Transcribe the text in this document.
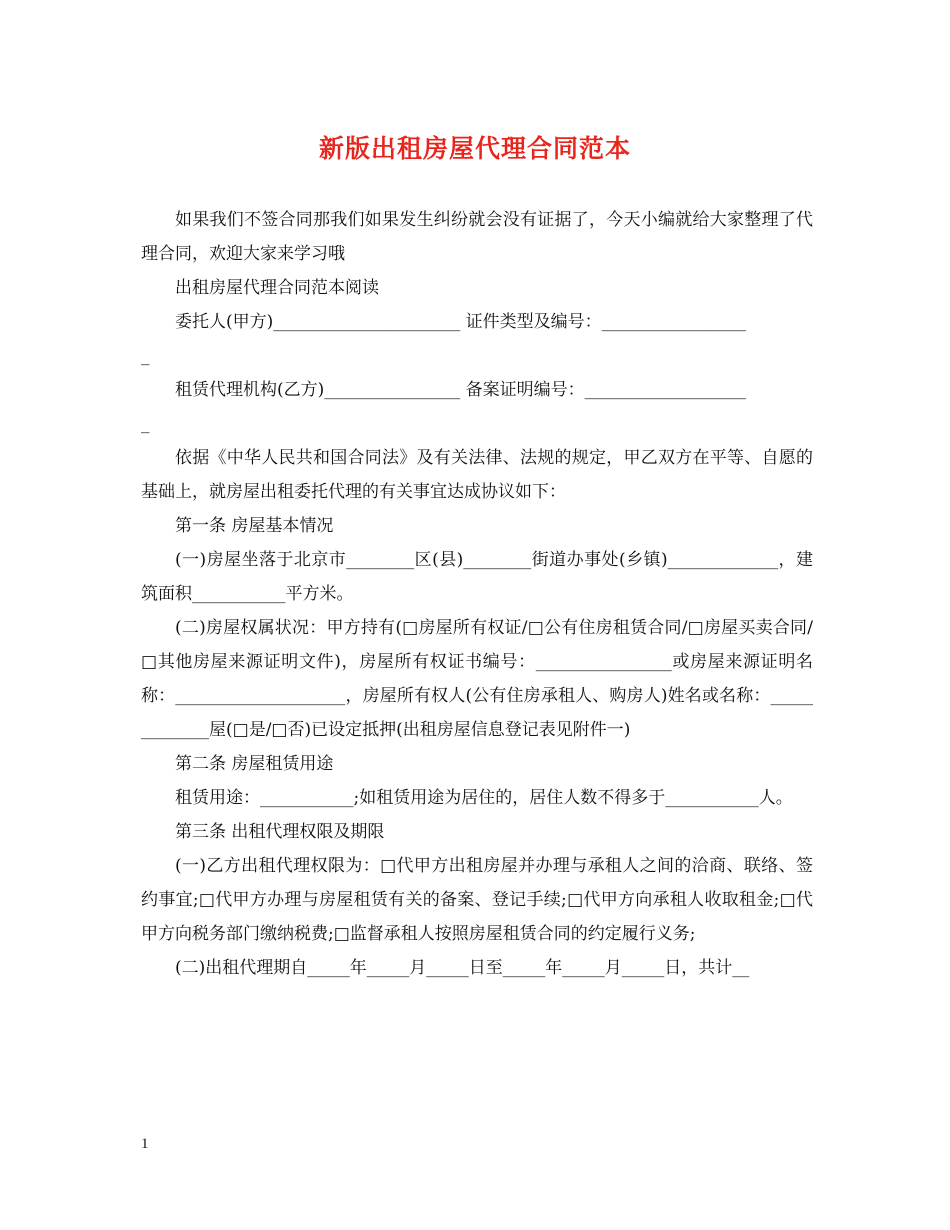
新版出租房屋代理合同范本

如果我们不签合同那我们如果发生纠纷就会没有证据了，今天小编就给大家整理了代理合同，欢迎大家来学习哦

出租房屋代理合同范本阅读

委托人(甲方)______________________ 证件类型及编号：_________________

_

租赁代理机构(乙方)________________ 备案证明编号：___________________

_

依据《中华人民共和国合同法》及有关法律、法规的规定，甲乙双方在平等、自愿的基础上，就房屋出租委托代理的有关事宜达成协议如下：

第一条 房屋基本情况

(一)房屋坐落于北京市________区(县)________街道办事处(乡镇)_____________，建筑面积___________平方米。

(二)房屋权属状况：甲方持有(□房屋所有权证/□公有住房租赁合同/□房屋买卖合同/□其他房屋来源证明文件)，房屋所有权证书编号：________________或房屋来源证明名称：____________________，房屋所有权人(公有住房承租人、购房人)姓名或名称：_____________屋(□是/□否)已设定抵押(出租房屋信息登记表见附件一)

第二条 房屋租赁用途

租赁用途：___________;如租赁用途为居住的，居住人数不得多于___________人。

第三条 出租代理权限及期限

(一)乙方出租代理权限为：□代甲方出租房屋并办理与承租人之间的洽商、联络、签约事宜;□代甲方办理与房屋租赁有关的备案、登记手续;□代甲方向承租人收取租金;□代甲方向税务部门缴纳税费;□监督承租人按照房屋租赁合同的约定履行义务;

(二)出租代理期自_____年_____月_____日至_____年_____月_____日，共计__

1
